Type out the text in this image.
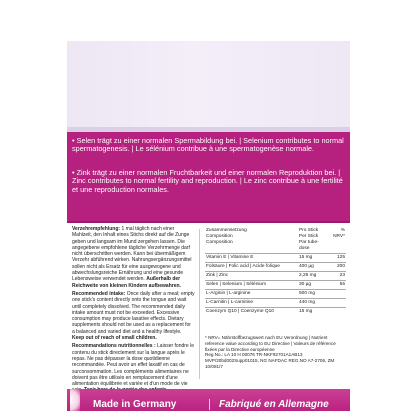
• Selen trägt zu einer normalen Spermabildung bei. | Selenium contributes to normal spermatogenesis. | Le sélénium contribue à une spermatogenèse normale.
• Zink trägt zu einer normalen Fruchtbarkeit und einer normalen Reproduktion bei. | Zinc contributes to normal fertility and reproduction. | Le zinc contribue à une fertilité et une reproduction normales.

Verzehrempfehlung: 1 mal täglich nach einer Mahlzeit, den Inhalt eines Stichs direkt auf die Zunge geben und langsam im Mund zergehen lassen. Die angegebene empfohlene tägliche Verzehrmenge darf nicht überschritten werden. Kann bei übermäßigem Verzehr abführend wirken. Nahrungsergänzungsmittel sollen nicht als Ersatz für eine ausgewogene und abwechslungsreiche Ernährung und eine gesunde Lebensweise verwendet werden. Außerhalb der Reichweite von kleinen Kindern aufbewahren.

Recommended intake: Once daily after a meal; empty one stick's content directly onto the tongue and wait until completely dissolved. The recommended daily intake amount must not be exceeded. Excessive consumption may produce laxative effects. Dietary supplements should not be used as a replacement for a balanced and varied diet and a healthy lifestyle. Keep out of reach of small children.

Recommandations nutritionnelles : Laisser fondre le contenu du stick directement sur la langue après le repas. Ne pas dépasser la dose quotidienne recommandée. Peut avoir un effet laxatif en cas de surconsommation. Les compléments alimentaires ne doivent pas être utilisés en remplacement d'une alimentation équilibrée et variée et d'un mode de vie

Zusammensetzung
Composition
Composition	Pro Stick
Per Stick
Par tube-dose	% NRV*
Vitamin E | Vitamine E	15 mg	125
Folsäure | Folic acid | Acide folique	400 µg	200
Zink | Zinc	2,25 mg	23
Selen | Selenium | Sélénium	30 µg	55
L-Arginin | L-arginine	500 mg	
L-Carnitin | L-carnitine	440 mg	
Coenzym Q10 | Coenzyme Q10	15 mg	
* NRV= Nährstoffbezugswert nach EU Verordnung | Nutrient reference value according to EU Directive | Valeurs de référence fixées par la Directive européenne
Reg.No.: LA 10 H 00076 TR-NKF92701A1AB13 MVP/20bd002Supp01015, NG NAFDAC REG.NO A7-2706, ZM 10/081/7
Made in Germany	Fabriqué en Allemagne
